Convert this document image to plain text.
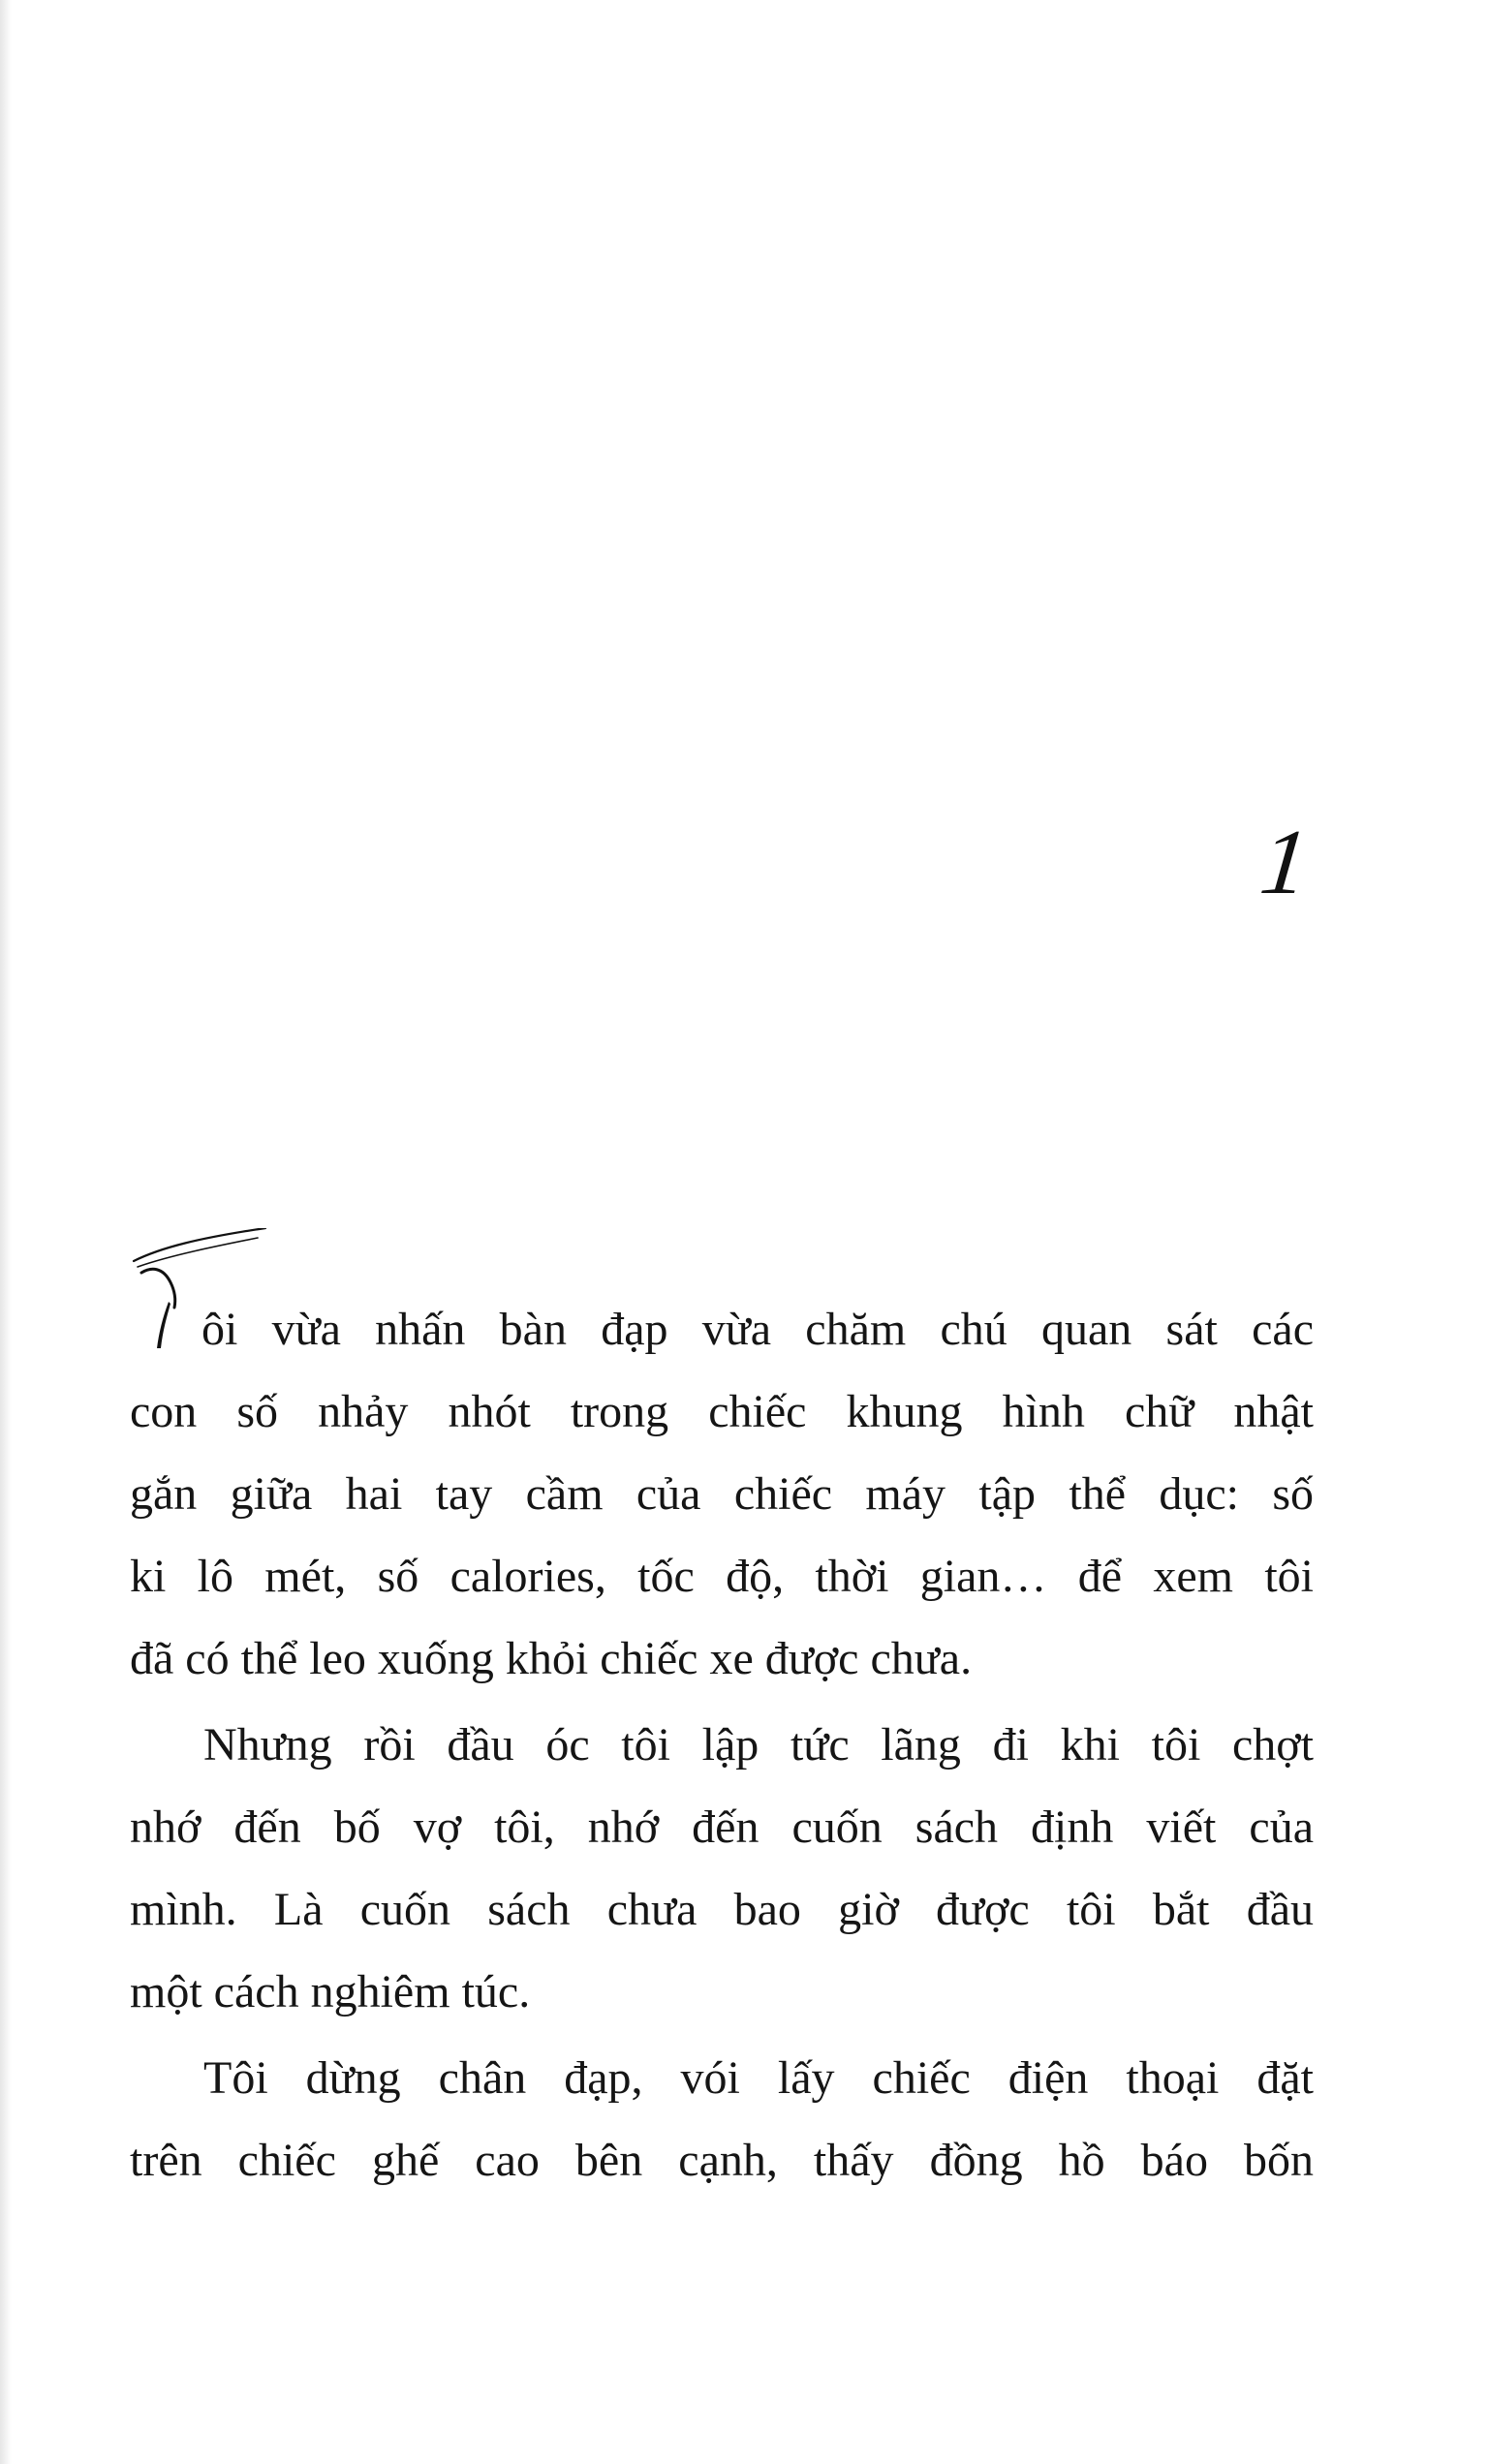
1
ôi vừa nhấn bàn đạp vừa chăm chú quan sát các
con số nhảy nhót trong chiếc khung hình chữ nhật
gắn giữa hai tay cầm của chiếc máy tập thể dục: số
ki lô mét, số calories, tốc độ, thời gian… để xem tôi
đã có thể leo xuống khỏi chiếc xe được chưa.
Nhưng rồi đầu óc tôi lập tức lãng đi khi tôi chợt
nhớ đến bố vợ tôi, nhớ đến cuốn sách định viết của
mình. Là cuốn sách chưa bao giờ được tôi bắt đầu
một cách nghiêm túc.
Tôi dừng chân đạp, vói lấy chiếc điện thoại đặt
trên chiếc ghế cao bên cạnh, thấy đồng hồ báo bốn
